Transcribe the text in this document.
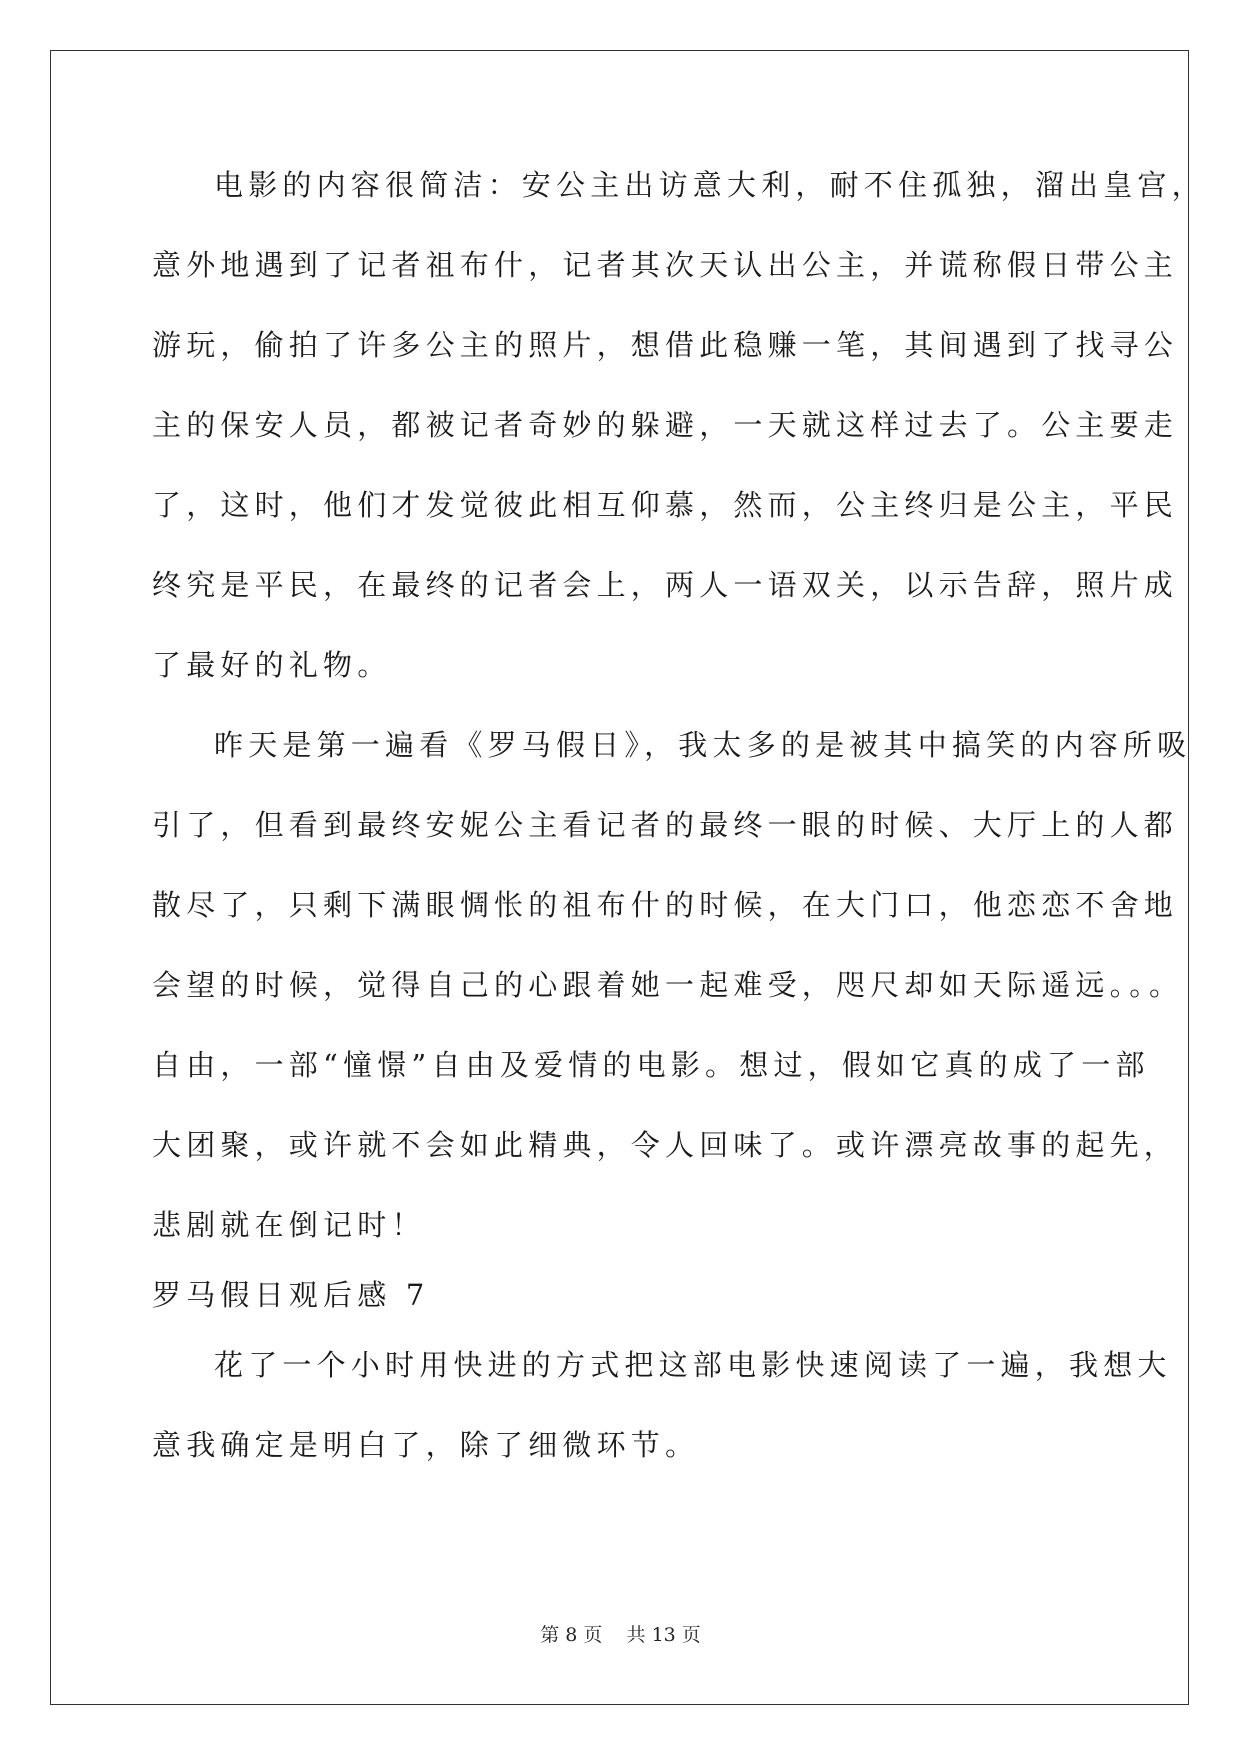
电影的内容很简洁：安公主出访意大利，耐不住孤独，溜出皇宫，
意外地遇到了记者祖布什，记者其次天认出公主，并谎称假日带公主
游玩，偷拍了许多公主的照片，想借此稳赚一笔，其间遇到了找寻公
主的保安人员，都被记者奇妙的躲避，一天就这样过去了。公主要走
了，这时，他们才发觉彼此相互仰慕，然而，公主终归是公主，平民
终究是平民，在最终的记者会上，两人一语双关，以示告辞，照片成
了最好的礼物。
昨天是第一遍看《罗马假日》，我太多的是被其中搞笑的内容所吸
引了，但看到最终安妮公主看记者的最终一眼的时候、大厅上的人都
散尽了，只剩下满眼惆怅的祖布什的时候，在大门口，他恋恋不舍地
会望的时候，觉得自己的心跟着她一起难受，咫尺却如天际遥远。。。
自由，一部“憧憬”自由及爱情的电影。想过，假如它真的成了一部
大团聚，或许就不会如此精典，令人回味了。或许漂亮故事的起先，
悲剧就在倒记时！
罗马假日观后感 7
花了一个小时用快进的方式把这部电影快速阅读了一遍，我想大
意我确定是明白了，除了细微环节。
第 8 页    共 13 页
